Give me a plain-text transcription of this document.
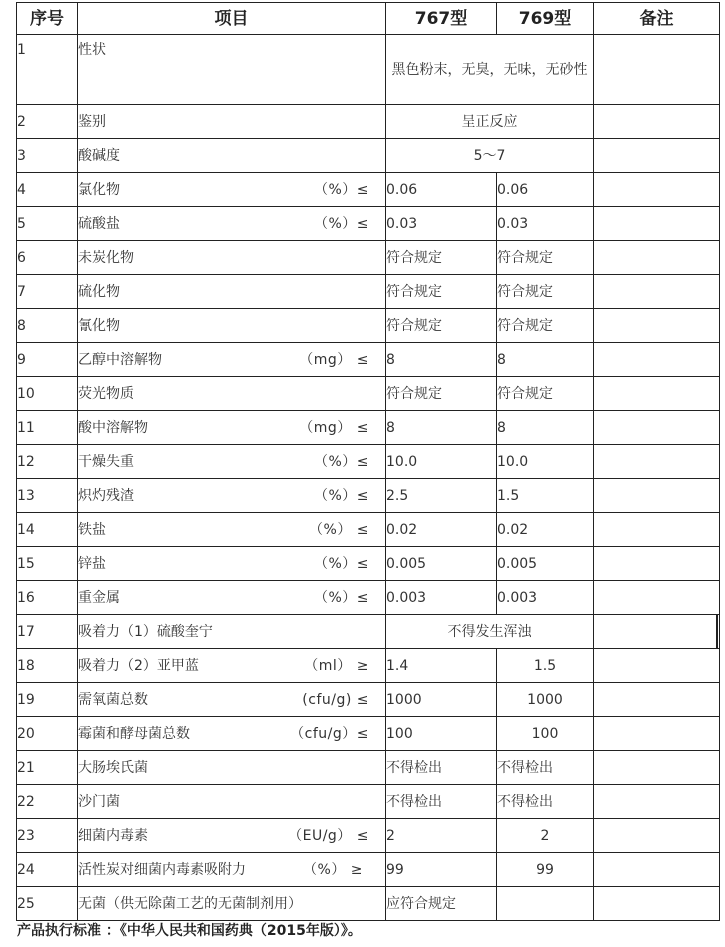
序号	项目	767型	769型	备注
1	性状	黑色粉末，无臭，无味，无砂性		
2	鉴别	呈正反应		
3	酸碱度	5～7		
4	氯化物 （%）≤	0.06	0.06	
5	硫酸盐 （%）≤	0.03	0.03	
6	未炭化物	符合规定	符合规定	
7	硫化物	符合规定	符合规定	
8	氰化物	符合规定	符合规定	
9	乙醇中溶解物 （mg） ≤	8	8	
10	荧光物质	符合规定	符合规定	
11	酸中溶解物 （mg） ≤	8	8	
12	干燥失重 （%）≤	10.0	10.0	
13	炽灼残渣 （%）≤	2.5	1.5	
14	铁盐 （%） ≤	0.02	0.02	
15	锌盐 （%）≤	0.005	0.005	
16	重金属 （%）≤	0.003	0.003	
17	吸着力（1）硫酸奎宁	不得发生浑浊		

18	吸着力（2）亚甲蓝 （ml） ≥	1.4	1.5	
19	需氧菌总数 (cfu/g) ≤	1000	1000	
20	霉菌和酵母菌总数 （cfu/g）≤	100	100	
21	大肠埃氏菌	不得检出	不得检出	
22	沙门菌	不得检出	不得检出	
23	细菌内毒素 （EU/g） ≤	2	2	
24	活性炭对细菌内毒素吸附力 （%） ≥	99	99	
25	无菌（供无除菌工艺的无菌制剂用）	应符合规定		
产品执行标准 ：《中华人民共和国药典（2015年版）》。
